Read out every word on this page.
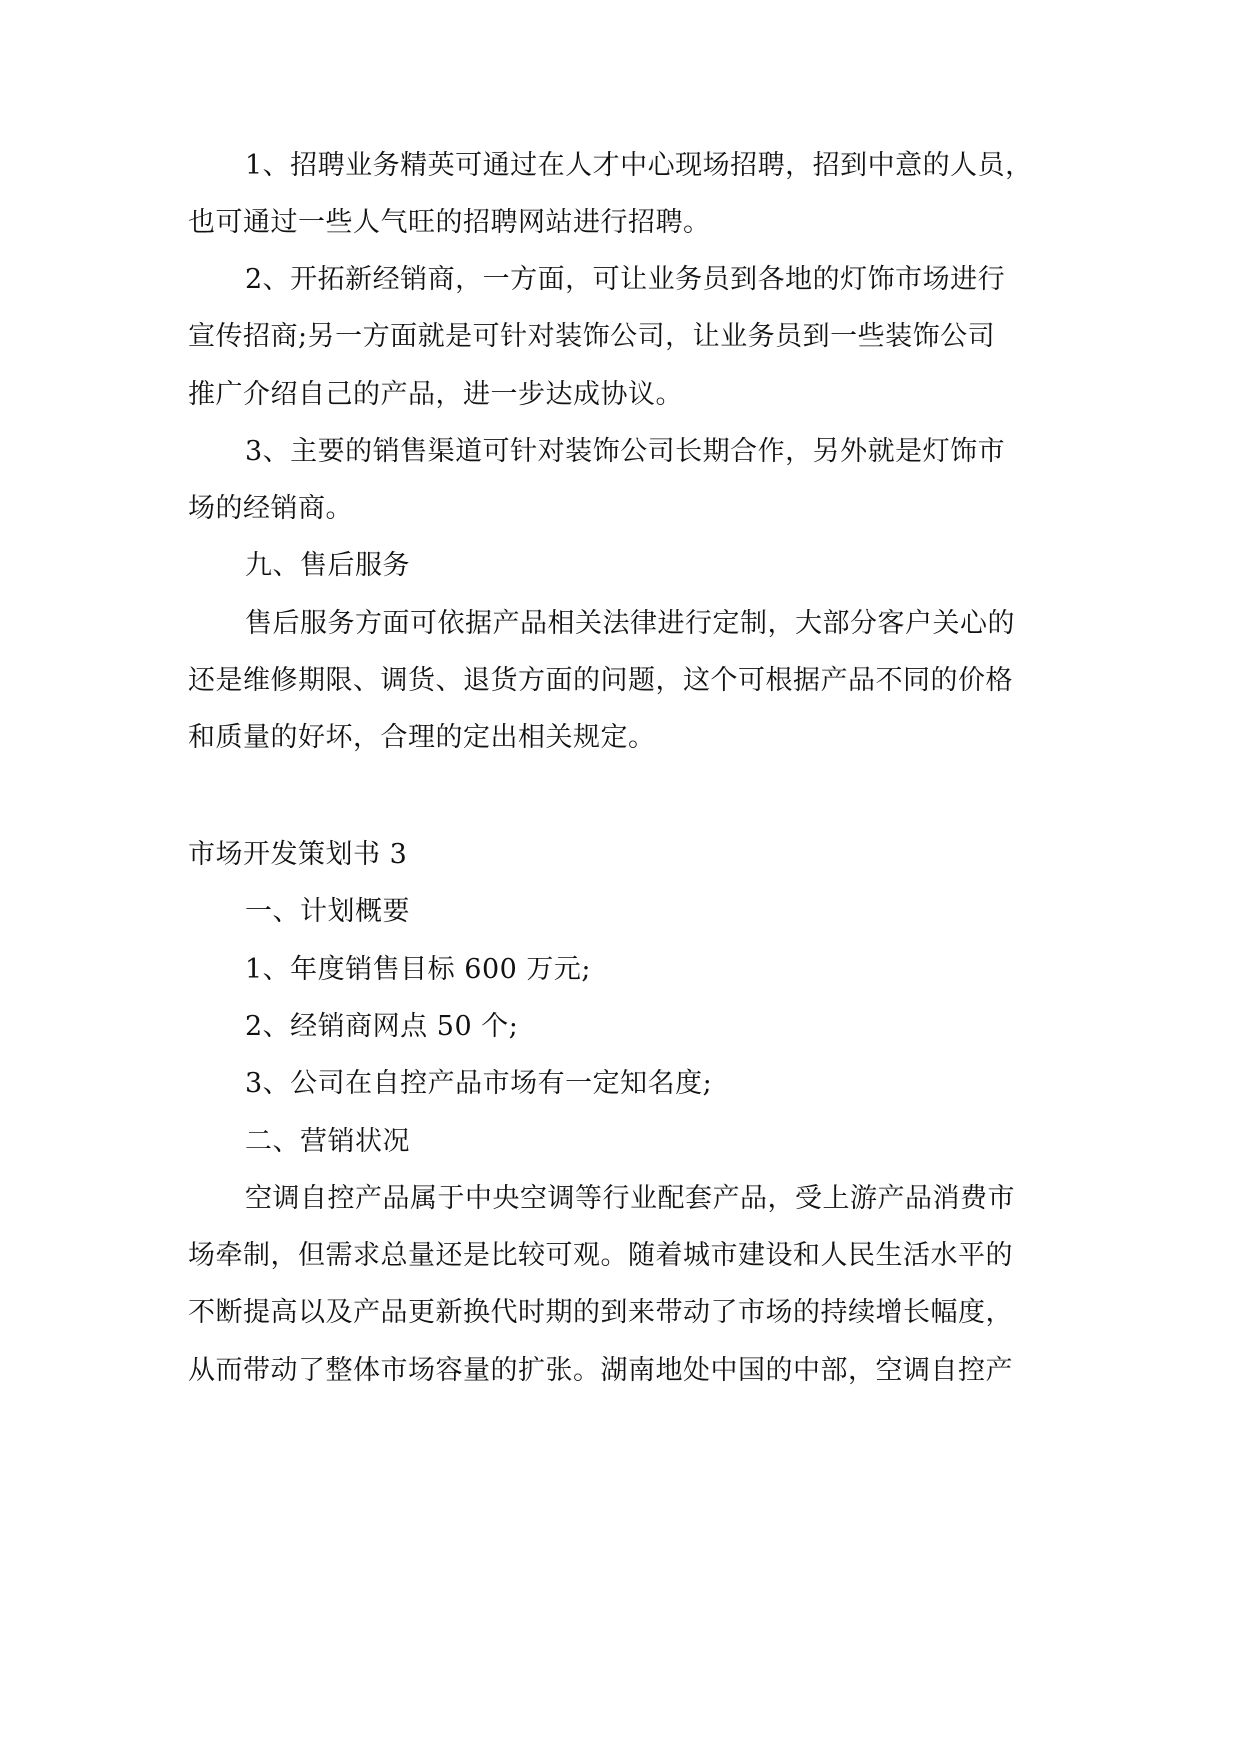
1、招聘业务精英可通过在人才中心现场招聘，招到中意的人员，
也可通过一些人气旺的招聘网站进行招聘。
2、开拓新经销商，一方面，可让业务员到各地的灯饰市场进行
宣传招商;另一方面就是可针对装饰公司，让业务员到一些装饰公司
推广介绍自己的产品，进一步达成协议。
3、主要的销售渠道可针对装饰公司长期合作，另外就是灯饰市
场的经销商。
九、售后服务
售后服务方面可依据产品相关法律进行定制，大部分客户关心的
还是维修期限、调货、退货方面的问题，这个可根据产品不同的价格
和质量的好坏，合理的定出相关规定。
市场开发策划书 3
一、计划概要
1、年度销售目标 600 万元;
2、经销商网点 50 个;
3、公司在自控产品市场有一定知名度;
二、营销状况
空调自控产品属于中央空调等行业配套产品，受上游产品消费市
场牵制，但需求总量还是比较可观。随着城市建设和人民生活水平的
不断提高以及产品更新换代时期的到来带动了市场的持续增长幅度，
从而带动了整体市场容量的扩张。湖南地处中国的中部，空调自控产
